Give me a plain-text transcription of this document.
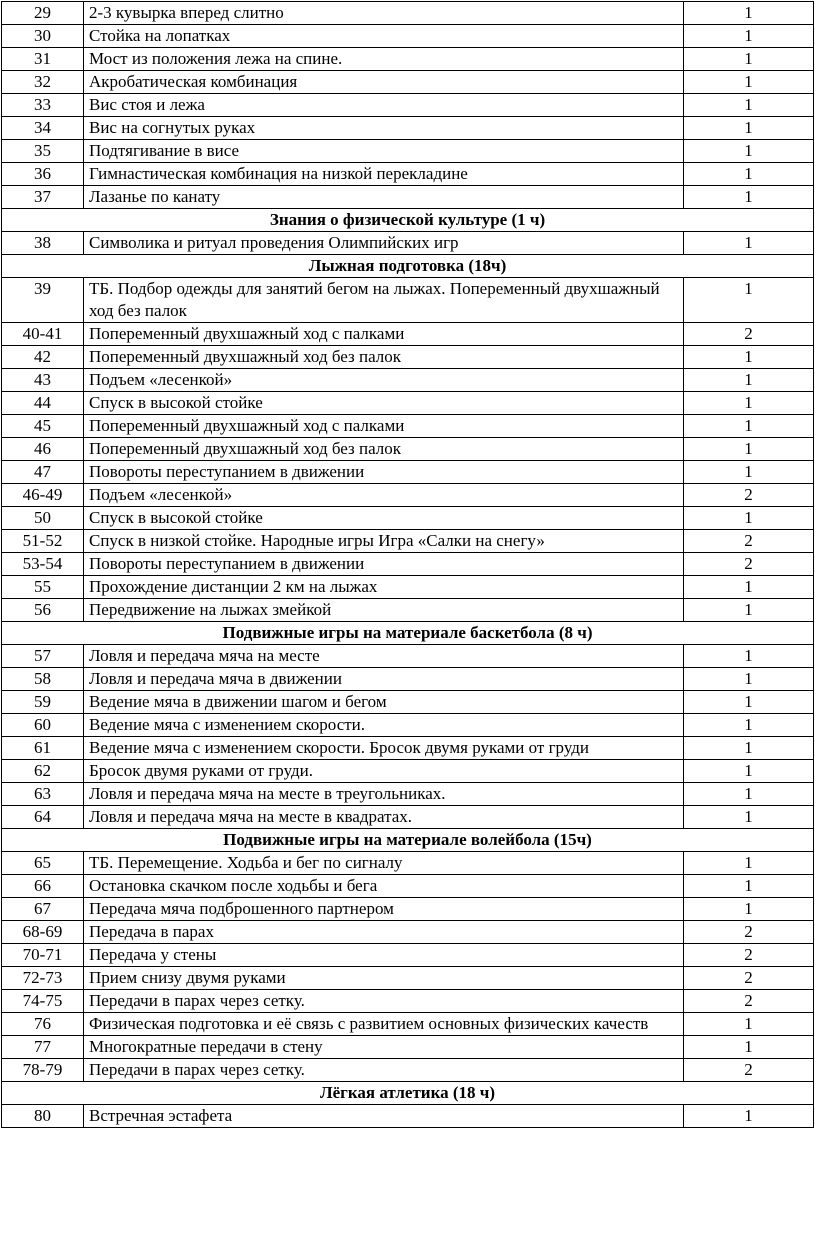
29	2-3 кувырка вперед слитно	1
30	Стойка на лопатках	1
31	Мост из положения лежа на спине.	1
32	Акробатическая комбинация	1
33	Вис стоя и лежа	1
34	Вис на согнутых руках	1
35	Подтягивание в висе	1
36	Гимнастическая комбинация на низкой перекладине	1
37	Лазанье по канату	1
Знания о физической культуре (1 ч)		
38	Символика и ритуал проведения Олимпийских игр	1
Лыжная подготовка (18ч)		
39	ТБ. Подбор одежды для занятий бегом на лыжах. Попеременный двухшажный ход без палок	1
40-41	Попеременный двухшажный ход с палками	2
42	Попеременный двухшажный ход без палок	1
43	Подъем «лесенкой»	1
44	Спуск в высокой стойке	1
45	Попеременный двухшажный ход с палками	1
46	Попеременный двухшажный ход без палок	1
47	Повороты переступанием в движении	1
46-49	Подъем «лесенкой»	2
50	Спуск в высокой стойке	1
51-52	Спуск в низкой стойке. Народные игры Игра «Салки на снегу»	2
53-54	Повороты переступанием в движении	2
55	Прохождение дистанции 2 км на лыжах	1
56	Передвижение на лыжах змейкой	1
Подвижные игры на материале баскетбола (8 ч)		
57	Ловля и передача мяча на месте	1
58	Ловля и передача мяча в движении	1
59	Ведение мяча в движении шагом и бегом	1
60	Ведение мяча с изменением скорости.	1
61	Ведение мяча с изменением скорости. Бросок двумя руками от груди	1
62	Бросок двумя руками от груди.	1
63	Ловля и передача мяча на месте в треугольниках.	1
64	Ловля и передача мяча на месте в квадратах.	1
Подвижные игры на материале волейбола (15ч)		
65	ТБ. Перемещение. Ходьба и бег по сигналу	1
66	Остановка скачком после ходьбы и бега	1
67	Передача мяча подброшенного партнером	1
68-69	Передача в парах	2
70-71	Передача у стены	2
72-73	Прием снизу двумя руками	2
74-75	Передачи в парах через сетку.	2
76	Физическая подготовка и её связь с развитием основных физических качеств	1
77	Многократные передачи в стену	1
78-79	Передачи в парах через сетку.	2
Лёгкая атлетика (18 ч)		
80	Встречная эстафета	1
